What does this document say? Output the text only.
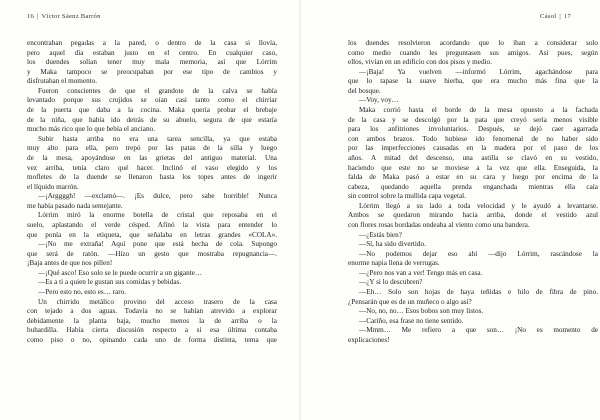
16 | Víctor Sáenz Barrón
encontraban pegadas a la pared, o dentro de la casa si llovía,
pero aquel día estaban justo en el centro. En cualquier caso,
los duendes solían tener muy mala memoria, así que Lórrim
y Maka tampoco se preocupaban por ese tipo de cambios y
disfrutaban el momento.
Fueron conscientes de que el grandote de la calva se había
levantado porque sus crujidos se oían casi tanto como el chirriar
de la puerta que daba a la cocina. Maka quería probar el brebaje
de la niña, que había ido detrás de su abuelo, segura de que estaría
mucho más rico que lo que bebía el anciano.
Subir hasta arriba no era una tarea sencilla, ya que estaba
muy alto para ella, pero trepó por las patas de la silla y luego
de la mesa, apoyándose en las grietas del antiguo material. Una
vez arriba, tenía claro qué hacer. Inclinó el vaso elegido y los
mofletes de la duende se llenaron hasta los topes antes de ingerir
el líquido marrón.
—¡Arggggh! —exclamó—. ¡Es dulce, pero sabe horrible! Nunca
me había pasado nada semejante.
Lórrim miró la enorme botella de cristal que reposaba en el
suelo, aplastando el verde césped. Afinó la vista para entender lo
que ponía en la etiqueta, que señalaba en letras grandes «COLA».
—¡No me extraña! Aquí pone que está hecha de cola. Supongo
que será de ratón. —Hizo un gesto que mostraba repugnancia—.
¡Baja antes de que nos pillen!
—¡Qué asco! Eso solo se le puede ocurrir a un gigante…
—Es a ti a quien le gustan sus comidas y bebidas.
—Pero esto no, esto es… raro.
Un chirrido metálico provino del acceso trasero de la casa
con tejado a dos aguas. Todavía no se habían atrevido a explorar
debidamente la planta baja, mucho menos la de arriba o la
buhardilla. Había cierta discusión respecto a si esa última contaba
como piso o no, opinando cada uno de forma distinta, tema que
Cásol | 17
los duendes resolvieron acordando que lo iban a considerar solo
como medio cuando les preguntasen sus amigos. Así pues, según
ellos, vivían en un edificio con dos pisos y medio.
—¡Baja! Ya vuelven —informó Lórrim, agachándose para
que lo tapase la suave hierba, que era mucho más fina que la
del bosque.
—Voy, voy…
Maka corrió hasta el borde de la mesa opuesto a la fachada
de la casa y se descolgó por la pata que creyó sería menos visible
para los anfitriones involuntarios. Después, se dejó caer agarrada
con ambos brazos. Todo hubiese ido fenomenal de no haber sido
por las imperfecciones causadas en la madera por el paso de los
años. A mitad del descenso, una astilla se clavó en su vestido,
haciendo que este no se moviese a la vez que ella. Enseguida, la
falda de Maka pasó a estar en su cara y luego por encima de la
cabeza, quedando aquella prenda enganchada mientras ella caía
sin control sobre la mullida capa vegetal.
Lórrim llegó a su lado a toda velocidad y le ayudó a levantarse.
Ambos se quedaron mirando hacia arriba, donde el vestido azul
con flores rosas bordadas ondeaba al viento como una bandera.
—¿Estás bien?
—Sí, ha sido divertido.
—No podemos dejar eso ahí —dijo Lórrim, rascándose la
enorme napia llena de verrugas.
—¿Pero nos van a ver! Tengo más en casa.
—¿Y si lo descubren?
—Eh… Solo son hojas de haya teñidas e hilo de fibra de pino.
¿Pensarán que es de un muñeco o algo así?
—No, no, no… Esos bobos son muy listos.
—Cariño, esa frase no tiene sentido.
—Mmm… Me refiero a que son… ¡No es momento de
explicaciones!
